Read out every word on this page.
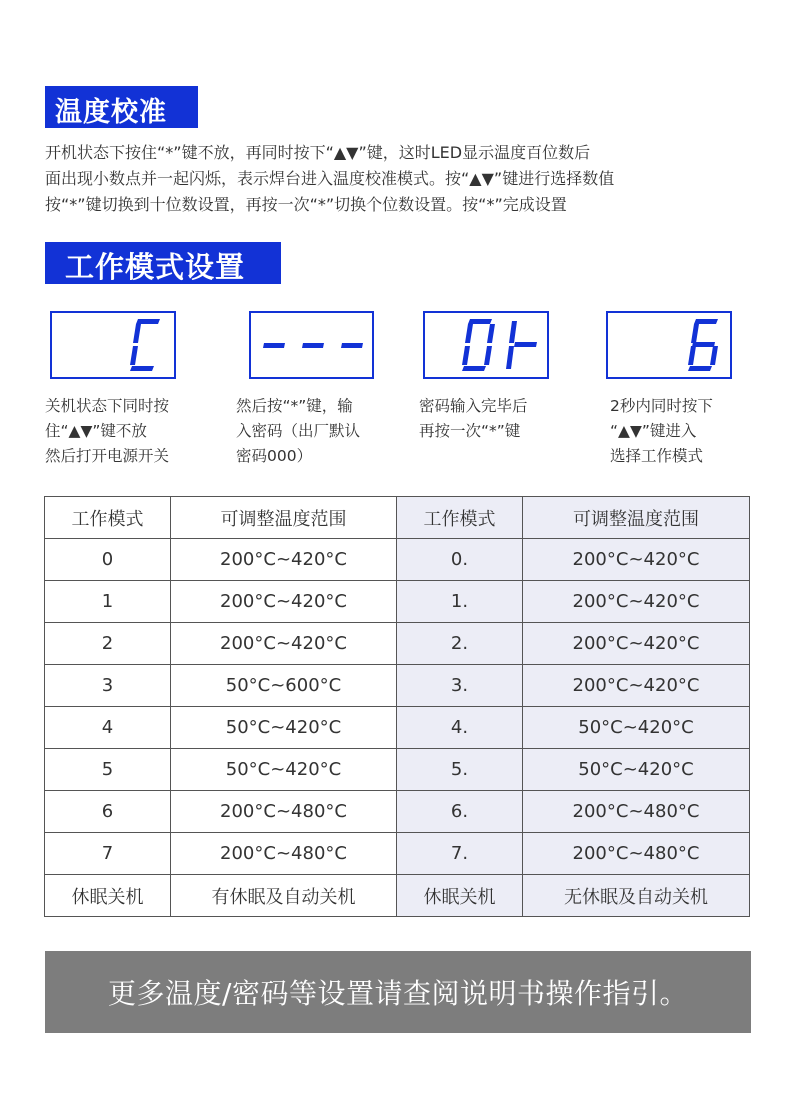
温度校准

开机状态下按住“*”键不放，再同时按下“▲▼”键，这时LED显示温度百位数后

面出现小数点并一起闪烁，表示焊台进入温度校准模式。按“▲▼”键进行选择数值

按“*”键切换到十位数设置，再按一次“*”切换个位数设置。按“*”完成设置

工作模式设置

关机状态下同时按

住“▲▼”键不放

然后打开电源开关

然后按“*”键，输

入密码（出厂默认

密码000）

密码输入完毕后

再按一次“*”键

2秒内同时按下

“▲▼”键进入

选择工作模式

工作模式	可调整温度范围	工作模式	可调整温度范围
0	200°C~420°C	0.	200°C~420°C
1	200°C~420°C	1.	200°C~420°C
2	200°C~420°C	2.	200°C~420°C
3	50°C~600°C	3.	200°C~420°C
4	50°C~420°C	4.	50°C~420°C
5	50°C~420°C	5.	50°C~420°C
6	200°C~480°C	6.	200°C~480°C
7	200°C~480°C	7.	200°C~480°C
休眠关机	有休眠及自动关机	休眠关机	无休眠及自动关机
更多温度/密码等设置请查阅说明书操作指引。
